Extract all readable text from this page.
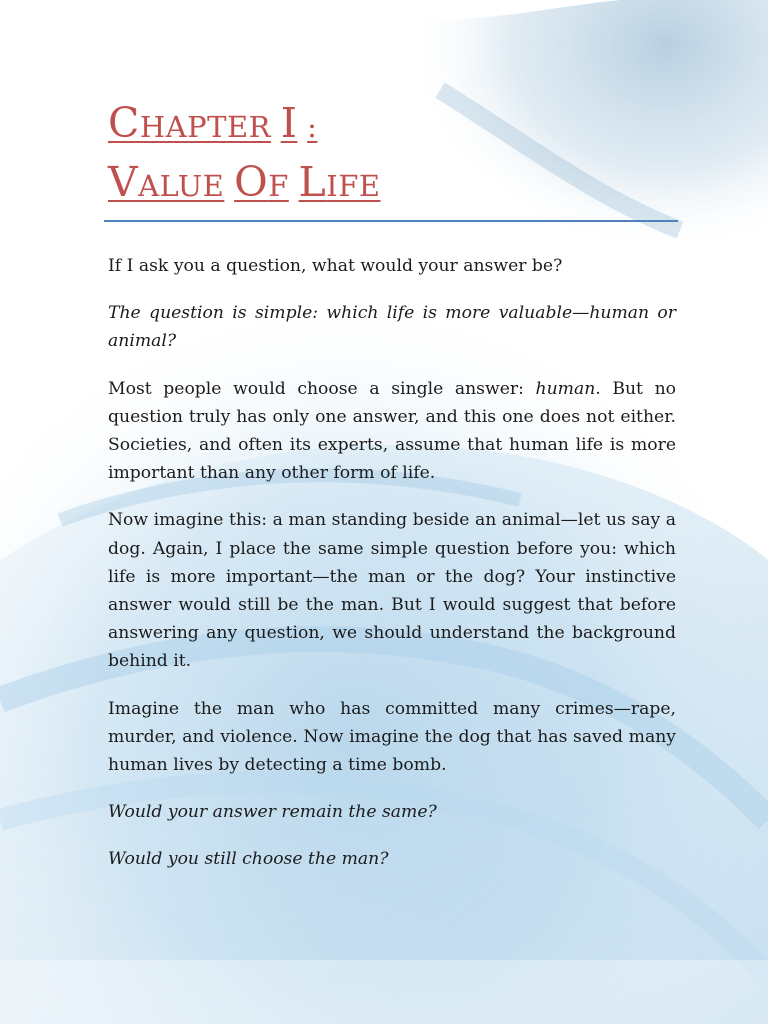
CHAPTER I :
VALUE OF LIFE

If I ask you a question, what would your answer be?

The question is simple: which life is more valuable—human or animal?

Most people would choose a single answer: human. But no question truly has only one answer, and this one does not either. Societies, and often its experts, assume that human life is more important than any other form of life.

Now imagine this: a man standing beside an animal—let us say a dog. Again, I place the same simple question before you: which life is more important—the man or the dog? Your instinctive answer would still be the man. But I would suggest that before answering any question, we should understand the background behind it.

Imagine the man who has committed many crimes—rape, murder, and violence. Now imagine the dog that has saved many human lives by detecting a time bomb.

Would your answer remain the same?

Would you still choose the man?
